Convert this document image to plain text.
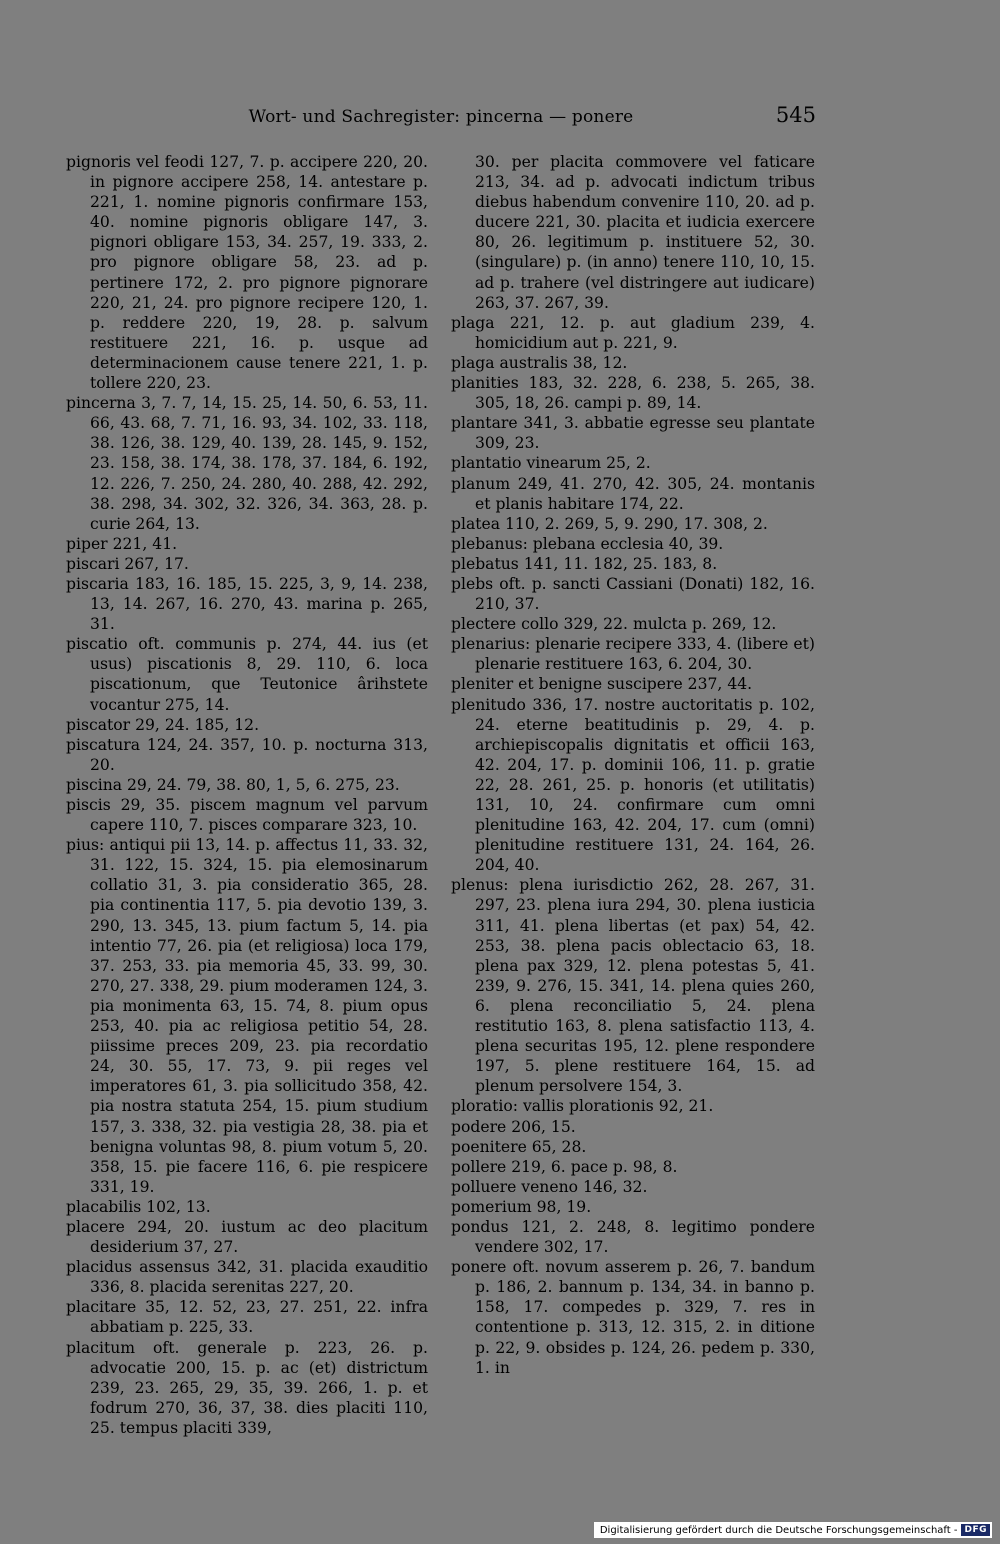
Wort- und Sachregister: pincerna — ponere	545

pignoris vel feodi 127, 7. p. accipere 220, 20. in pignore accipere 258, 14. antestare p. 221, 1. nomine pignoris confirmare 153, 40. nomine pignoris obligare 147, 3. pignori obligare 153, 34. 257, 19. 333, 2. pro pignore obligare 58, 23. ad p. pertinere 172, 2. pro pignore pignorare 220, 21, 24. pro pignore recipere 120, 1. p. reddere 220, 19, 28. p. salvum restituere 221, 16. p. usque ad determinacionem cause tenere 221, 1. p. tollere 220, 23.

pincerna 3, 7. 7, 14, 15. 25, 14. 50, 6. 53, 11. 66, 43. 68, 7. 71, 16. 93, 34. 102, 33. 118, 38. 126, 38. 129, 40. 139, 28. 145, 9. 152, 23. 158, 38. 174, 38. 178, 37. 184, 6. 192, 12. 226, 7. 250, 24. 280, 40. 288, 42. 292, 38. 298, 34. 302, 32. 326, 34. 363, 28. p. curie 264, 13.

piper 221, 41.

piscari 267, 17.

piscaria 183, 16. 185, 15. 225, 3, 9, 14. 238, 13, 14. 267, 16. 270, 43. marina p. 265, 31.

piscatio oft. communis p. 274, 44. ius (et usus) piscationis 8, 29. 110, 6. loca piscationum, que Teutonice ârihstete vocantur 275, 14.

piscator 29, 24. 185, 12.

piscatura 124, 24. 357, 10. p. nocturna 313, 20.

piscina 29, 24. 79, 38. 80, 1, 5, 6. 275, 23.

piscis 29, 35. piscem magnum vel parvum capere 110, 7. pisces comparare 323, 10.

pius: antiqui pii 13, 14. p. affectus 11, 33. 32, 31. 122, 15. 324, 15. pia elemosinarum collatio 31, 3. pia consideratio 365, 28. pia continentia 117, 5. pia devotio 139, 3. 290, 13. 345, 13. pium factum 5, 14. pia intentio 77, 26. pia (et religiosa) loca 179, 37. 253, 33. pia memoria 45, 33. 99, 30. 270, 27. 338, 29. pium moderamen 124, 3. pia monimenta 63, 15. 74, 8. pium opus 253, 40. pia ac religiosa petitio 54, 28. piissime preces 209, 23. pia recordatio 24, 30. 55, 17. 73, 9. pii reges vel imperatores 61, 3. pia sollicitudo 358, 42. pia nostra statuta 254, 15. pium studium 157, 3. 338, 32. pia vestigia 28, 38. pia et benigna voluntas 98, 8. pium votum 5, 20. 358, 15. pie facere 116, 6. pie respicere 331, 19.

placabilis 102, 13.

placere 294, 20. iustum ac deo placitum desiderium 37, 27.

placidus assensus 342, 31. placida exauditio 336, 8. placida serenitas 227, 20.

placitare 35, 12. 52, 23, 27. 251, 22. infra abbatiam p. 225, 33.

placitum oft. generale p. 223, 26. p. advocatie 200, 15. p. ac (et) districtum 239, 23. 265, 29, 35, 39. 266, 1. p. et fodrum 270, 36, 37, 38. dies placiti 110, 25. tempus placiti 339,

30. per placita commovere vel faticare 213, 34. ad p. advocati indictum tribus diebus habendum convenire 110, 20. ad p. ducere 221, 30. placita et iudicia exercere 80, 26. legitimum p. instituere 52, 30. (singulare) p. (in anno) tenere 110, 10, 15. ad p. trahere (vel distringere aut iudicare) 263, 37. 267, 39.

plaga 221, 12. p. aut gladium 239, 4. homicidium aut p. 221, 9.

plaga australis 38, 12.

planities 183, 32. 228, 6. 238, 5. 265, 38. 305, 18, 26. campi p. 89, 14.

plantare 341, 3. abbatie egresse seu plantate 309, 23.

plantatio vinearum 25, 2.

planum 249, 41. 270, 42. 305, 24. montanis et planis habitare 174, 22.

platea 110, 2. 269, 5, 9. 290, 17. 308, 2.

plebanus: plebana ecclesia 40, 39.

plebatus 141, 11. 182, 25. 183, 8.

plebs oft. p. sancti Cassiani (Donati) 182, 16. 210, 37.

plectere collo 329, 22. mulcta p. 269, 12.

plenarius: plenarie recipere 333, 4. (libere et) plenarie restituere 163, 6. 204, 30.

pleniter et benigne suscipere 237, 44.

plenitudo 336, 17. nostre auctoritatis p. 102, 24. eterne beatitudinis p. 29, 4. p. archiepiscopalis dignitatis et officii 163, 42. 204, 17. p. dominii 106, 11. p. gratie 22, 28. 261, 25. p. honoris (et utilitatis) 131, 10, 24. confirmare cum omni plenitudine 163, 42. 204, 17. cum (omni) plenitudine restituere 131, 24. 164, 26. 204, 40.

plenus: plena iurisdictio 262, 28. 267, 31. 297, 23. plena iura 294, 30. plena iusticia 311, 41. plena libertas (et pax) 54, 42. 253, 38. plena pacis oblectacio 63, 18. plena pax 329, 12. plena potestas 5, 41. 239, 9. 276, 15. 341, 14. plena quies 260, 6. plena reconciliatio 5, 24. plena restitutio 163, 8. plena satisfactio 113, 4. plena securitas 195, 12. plene respondere 197, 5. plene restituere 164, 15. ad plenum persolvere 154, 3.

ploratio: vallis plorationis 92, 21.

podere 206, 15.

poenitere 65, 28.

pollere 219, 6. pace p. 98, 8.

polluere veneno 146, 32.

pomerium 98, 19.

pondus 121, 2. 248, 8. legitimo pondere vendere 302, 17.

ponere oft. novum asserem p. 26, 7. bandum p. 186, 2. bannum p. 134, 34. in banno p. 158, 17. compedes p. 329, 7. res in contentione p. 313, 12. 315, 2. in ditione p. 22, 9. obsides p. 124, 26. pedem p. 330, 1. in

Digitalisierung gefördert durch die Deutsche Forschungsgemeinschaft - DFG
